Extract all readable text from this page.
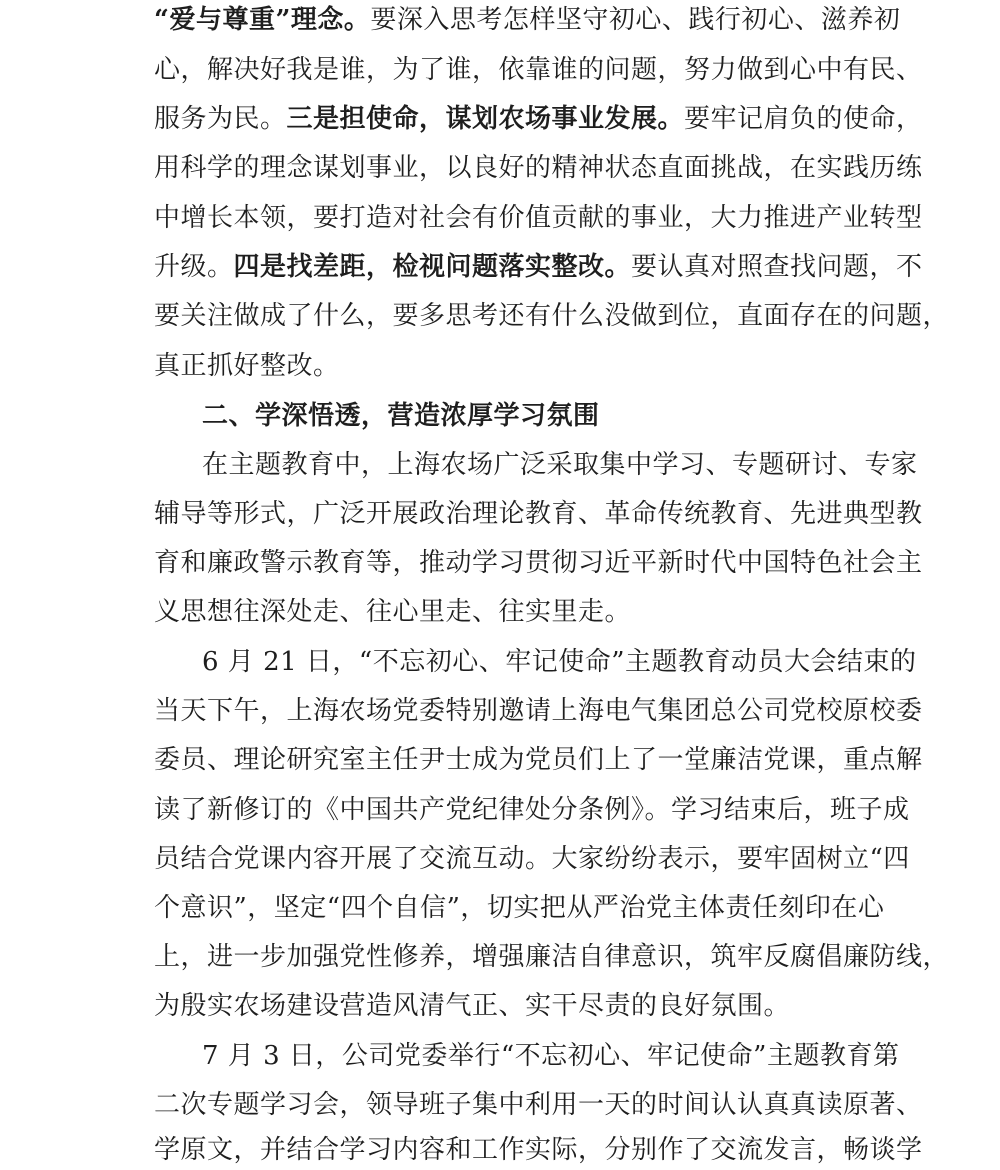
“爱与尊重”理念。要深入思考怎样坚守初心、践行初心、滋养初
心，解决好我是谁，为了谁，依靠谁的问题，努力做到心中有民、
服务为民。三是担使命，谋划农场事业发展。要牢记肩负的使命，
用科学的理念谋划事业，以良好的精神状态直面挑战，在实践历练
中增长本领，要打造对社会有价值贡献的事业，大力推进产业转型
升级。四是找差距，检视问题落实整改。要认真对照查找问题，不
要关注做成了什么，要多思考还有什么没做到位，直面存在的问题，
真正抓好整改。
二、学深悟透，营造浓厚学习氛围
在主题教育中，上海农场广泛采取集中学习、专题研讨、专家
辅导等形式，广泛开展政治理论教育、革命传统教育、先进典型教
育和廉政警示教育等，推动学习贯彻习近平新时代中国特色社会主
义思想往深处走、往心里走、往实里走。
6 月 21 日，“不忘初心、牢记使命”主题教育动员大会结束的
当天下午，上海农场党委特别邀请上海电气集团总公司党校原校委
委员、理论研究室主任尹士成为党员们上了一堂廉洁党课，重点解
读了新修订的《中国共产党纪律处分条例》。学习结束后，班子成
员结合党课内容开展了交流互动。大家纷纷表示，要牢固树立“四
个意识”，坚定“四个自信”，切实把从严治党主体责任刻印在心
上，进一步加强党性修养，增强廉洁自律意识，筑牢反腐倡廉防线，
为殷实农场建设营造风清气正、实干尽责的良好氛围。
7 月 3 日，公司党委举行“不忘初心、牢记使命”主题教育第
二次专题学习会，领导班子集中利用一天的时间认认真真读原著、
学原文，并结合学习内容和工作实际，分别作了交流发言，畅谈学
